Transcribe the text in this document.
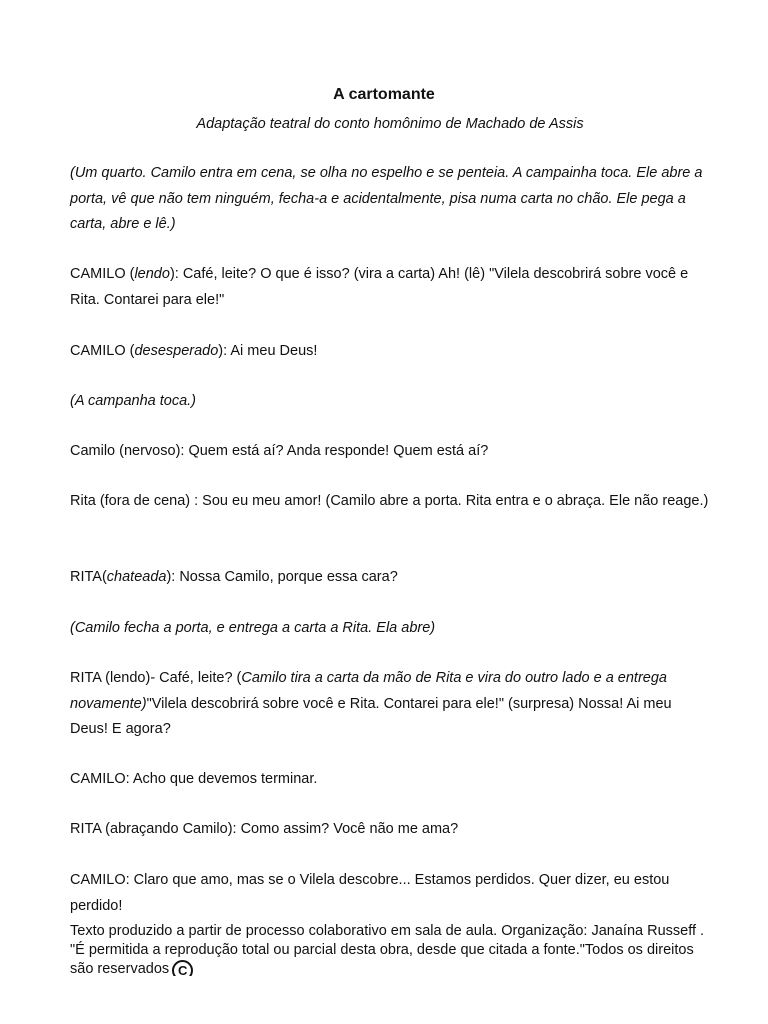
A cartomante
Adaptação teatral do conto homônimo de Machado de Assis
(Um quarto. Camilo entra em cena, se olha no espelho e se penteia. A campainha toca. Ele abre a porta, vê que não tem ninguém, fecha-a e acidentalmente, pisa numa carta no chão. Ele pega a carta, abre e lê.)
CAMILO (lendo): Café, leite? O que é isso? (vira a carta) Ah! (lê) "Vilela descobrirá sobre você e Rita. Contarei para ele!"
CAMILO (desesperado): Ai meu Deus!
(A campanha toca.)
Camilo (nervoso): Quem está aí? Anda responde! Quem está aí?
Rita (fora de cena) : Sou eu meu amor! (Camilo abre a porta. Rita entra e o abraça. Ele não reage.)
RITA(chateada): Nossa Camilo, porque essa cara?
(Camilo fecha a porta, e entrega a carta a Rita. Ela abre)
RITA (lendo)- Café, leite? (Camilo tira a carta da mão de Rita e vira do outro lado e a entrega novamente)"Vilela descobrirá sobre você e Rita. Contarei para ele!" (surpresa) Nossa! Ai meu Deus! E agora?
CAMILO: Acho que devemos terminar.
RITA (abraçando Camilo): Como assim? Você não me ama?
CAMILO: Claro que amo, mas se o Vilela descobre... Estamos perdidos. Quer dizer, eu estou perdido!
Texto produzido a partir de processo colaborativo em sala de aula. Organização: Janaína Russeff . "É permitida a reprodução total ou parcial desta obra, desde que citada a fonte."Todos os direitos são reservados C
